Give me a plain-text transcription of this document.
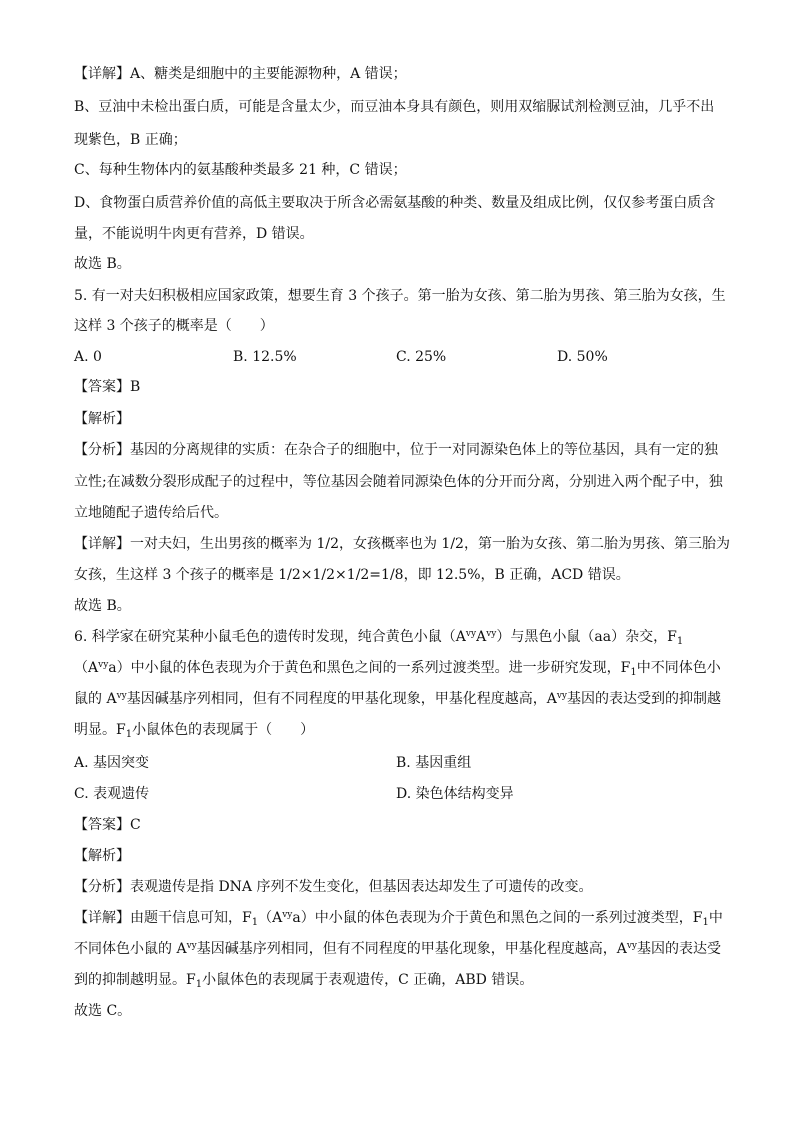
【详解】A、糖类是细胞中的主要能源物种，A 错误；
B、豆油中未检出蛋白质，可能是含量太少，而豆油本身具有颜色，则用双缩脲试剂检测豆油，几乎不出
现紫色，B 正确；
C、每种生物体内的氨基酸种类最多 21 种，C 错误；
D、食物蛋白质营养价值的高低主要取决于所含必需氨基酸的种类、数量及组成比例，仅仅参考蛋白质含
量，不能说明牛肉更有营养，D 错误。
故选 B。
5. 有一对夫妇积极相应国家政策，想要生育 3 个孩子。第一胎为女孩、第二胎为男孩、第三胎为女孩，生
这样 3 个孩子的概率是（　　）
A. 0	B. 12.5%	C. 25%	D. 50%
【答案】B
【解析】
【分析】基因的分离规律的实质：在杂合子的细胞中，位于一对同源染色体上的等位基因，具有一定的独
立性;在减数分裂形成配子的过程中，等位基因会随着同源染色体的分开而分离，分别进入两个配子中，独
立地随配子遗传给后代。
【详解】一对夫妇，生出男孩的概率为 1/2，女孩概率也为 1/2，第一胎为女孩、第二胎为男孩、第三胎为
女孩，生这样 3 个孩子的概率是 1/2×1/2×1/2=1/8，即 12.5%，B 正确，ACD 错误。
故选 B。
6. 科学家在研究某种小鼠毛色的遗传时发现，纯合黄色小鼠$(A^{vy}A^{vy})$与黑色小鼠（aa）杂交，$F_1$
$(A^{vy}a)$中小鼠的体色表现为介于黄色和黑色之间的一系列过渡类型。进一步研究发现，$F_1$中不同体色小
鼠的 $A^{vy}$基因碱基序列相同，但有不同程度的甲基化现象，甲基化程度越高，$A^{vy}$基因的表达受到的抑制越
明显。$F_1$小鼠体色的表现属于（　　）
A. 基因突变	B. 基因重组
C. 表观遗传	D. 染色体结构变异
【答案】C
【解析】
【分析】表观遗传是指 DNA 序列不发生变化，但基因表达却发生了可遗传的改变。
【详解】由题干信息可知，$F_1(A^{vy}a)$中小鼠的体色表现为介于黄色和黑色之间的一系列过渡类型，$F_1$中
不同体色小鼠的 $A^{vy}$基因碱基序列相同，但有不同程度的甲基化现象，甲基化程度越高，$A^{vy}$基因的表达受
到的抑制越明显。$F_1$小鼠体色的表现属于表观遗传，C 正确，ABD 错误。
故选 C。
